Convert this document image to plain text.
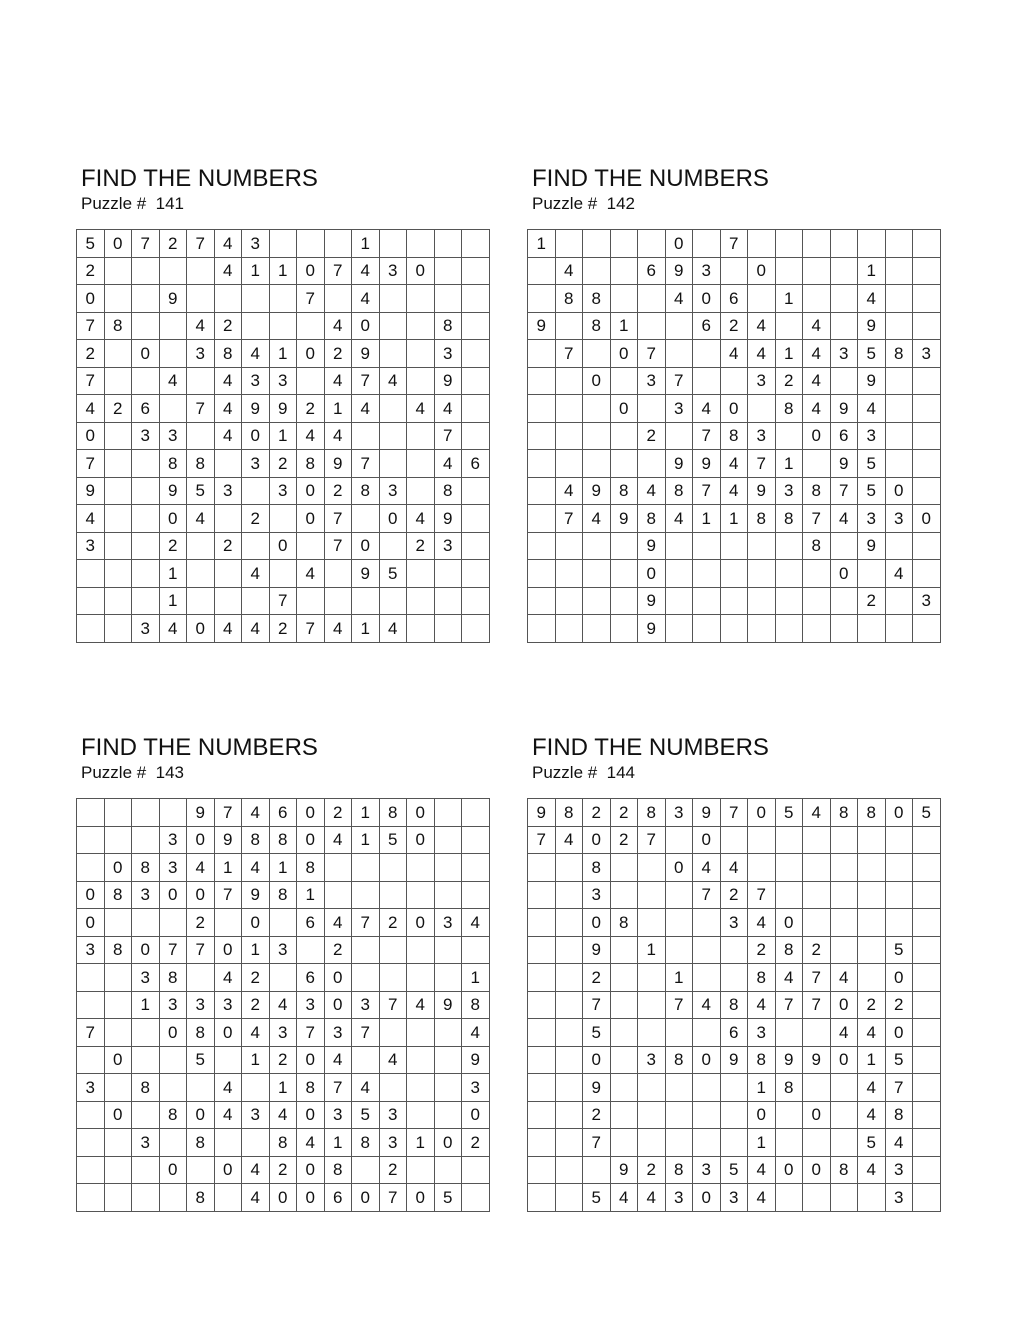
FIND THE NUMBERS
Puzzle #  141
5	0	7	2	7	4	3				1				
2					4	1	1	0	7	4	3	0		
0			9					7		4				
7	8			4	2				4	0			8	
2		0		3	8	4	1	0	2	9			3	
7			4		4	3	3		4	7	4		9	
4	2	6		7	4	9	9	2	1	4		4	4	
0		3	3		4	0	1	4	4				7	
7			8	8		3	2	8	9	7			4	6
9			9	5	3		3	0	2	8	3		8	
4			0	4		2		0	7		0	4	9	
3			2		2		0		7	0		2	3	
			1			4		4		9	5			
			1				7							
		3	4	0	4	4	2	7	4	1	4			
FIND THE NUMBERS
Puzzle #  142
1					0		7							
	4			6	9	3		0				1		
	8	8			4	0	6		1			4		
9		8	1			6	2	4		4		9		
	7		0	7			4	4	1	4	3	5	8	3
		0		3	7			3	2	4		9		
			0		3	4	0		8	4	9	4		
				2		7	8	3		0	6	3		
					9	9	4	7	1		9	5		
	4	9	8	4	8	7	4	9	3	8	7	5	0	
	7	4	9	8	4	1	1	8	8	7	4	3	3	0
				9						8		9		
				0							0		4	
				9								2		3
				9										
FIND THE NUMBERS
Puzzle #  143
				9	7	4	6	0	2	1	8	0		
			3	0	9	8	8	0	4	1	5	0		
	0	8	3	4	1	4	1	8						
0	8	3	0	0	7	9	8	1						
0				2		0		6	4	7	2	0	3	4
3	8	0	7	7	0	1	3		2					
		3	8		4	2		6	0					1
		1	3	3	3	2	4	3	0	3	7	4	9	8
7			0	8	0	4	3	7	3	7				4
	0			5		1	2	0	4		4			9
3		8			4		1	8	7	4				3
	0		8	0	4	3	4	0	3	5	3			0
		3		8			8	4	1	8	3	1	0	2
			0		0	4	2	0	8		2			
				8		4	0	0	6	0	7	0	5	
FIND THE NUMBERS
Puzzle #  144
9	8	2	2	8	3	9	7	0	5	4	8	8	0	5
7	4	0	2	7		0								
		8			0	4	4							
		3				7	2	7						
		0	8				3	4	0					
		9		1				2	8	2			5	
		2			1			8	4	7	4		0	
		7			7	4	8	4	7	7	0	2	2	
		5					6	3			4	4	0	
		0		3	8	0	9	8	9	9	0	1	5	
		9						1	8			4	7	
		2						0		0		4	8	
		7						1				5	4	
			9	2	8	3	5	4	0	0	8	4	3	
		5	4	4	3	0	3	4					3	
